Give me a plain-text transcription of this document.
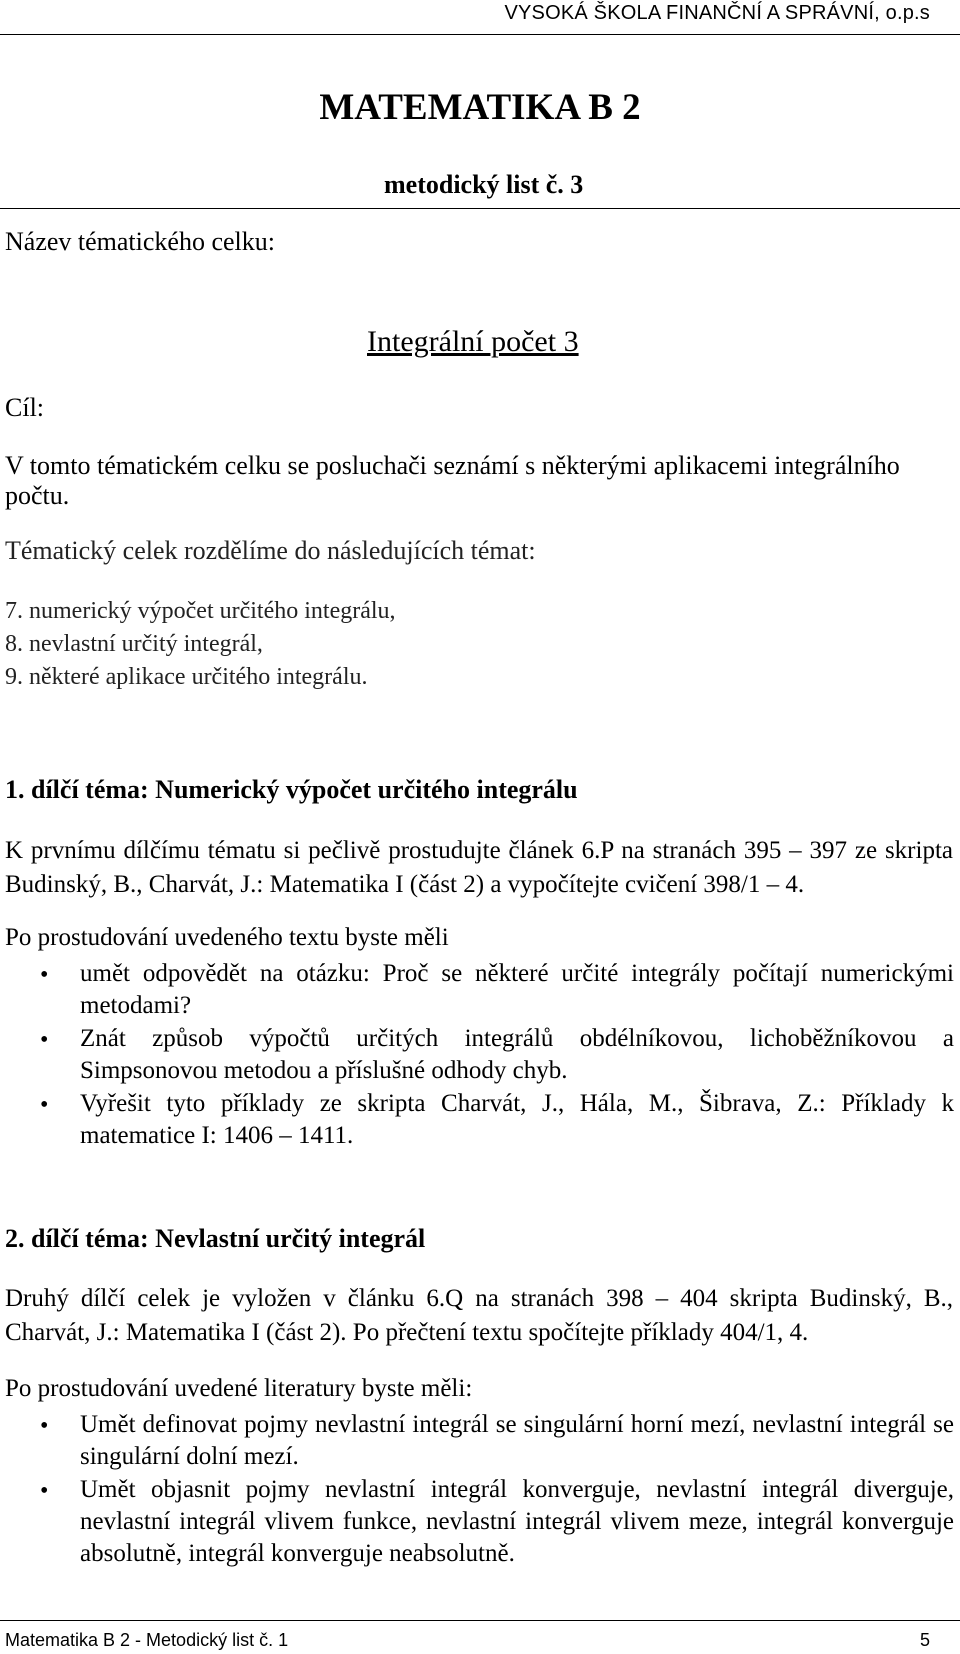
VYSOKÁ ŠKOLA FINANČNÍ A SPRÁVNÍ, o.p.s
MATEMATIKA B 2
metodický list č. 3
Název tématického celku:
Integrální počet 3
Cíl:
V tomto tématickém celku se posluchači seznámí s některými aplikacemi integrálního počtu.
Tématický celek rozdělíme do následujících témat:
7. numerický výpočet určitého integrálu,
8. nevlastní určitý integrál,
9. některé aplikace určitého integrálu.
1. dílčí téma: Numerický výpočet určitého integrálu
K prvnímu dílčímu tématu si pečlivě prostudujte článek 6.P na stranách 395 – 397 ze skripta Budinský, B., Charvát, J.: Matematika I (část 2) a vypočítejte cvičení 398/1 – 4.
Po prostudování uvedeného textu byste měli
• umět odpovědět na otázku: Proč se některé určité integrály počítají numerickými metodami?
• Znát způsob výpočtů určitých integrálů obdélníkovou, lichoběžníkovou a Simpsonovou metodou a příslušné odhody chyb.
• Vyřešit tyto příklady ze skripta Charvát, J., Hála, M., Šibrava, Z.: Příklady k matematice I: 1406 – 1411.
2. dílčí téma: Nevlastní určitý integrál
Druhý dílčí celek je vyložen v článku 6.Q na stranách 398 – 404 skripta Budinský, B., Charvát, J.: Matematika I (část 2). Po přečtení textu spočítejte příklady 404/1, 4.
Po prostudování uvedené literatury byste měli:
• Umět definovat pojmy nevlastní integrál se singulární horní mezí, nevlastní integrál se singulární dolní mezí.
• Umět objasnit pojmy nevlastní integrál konverguje, nevlastní integrál diverguje, nevlastní integrál vlivem funkce, nevlastní integrál vlivem meze, integrál konverguje absolutně, integrál konverguje neabsolutně.
Matematika B 2 - Metodický list č. 1	5
